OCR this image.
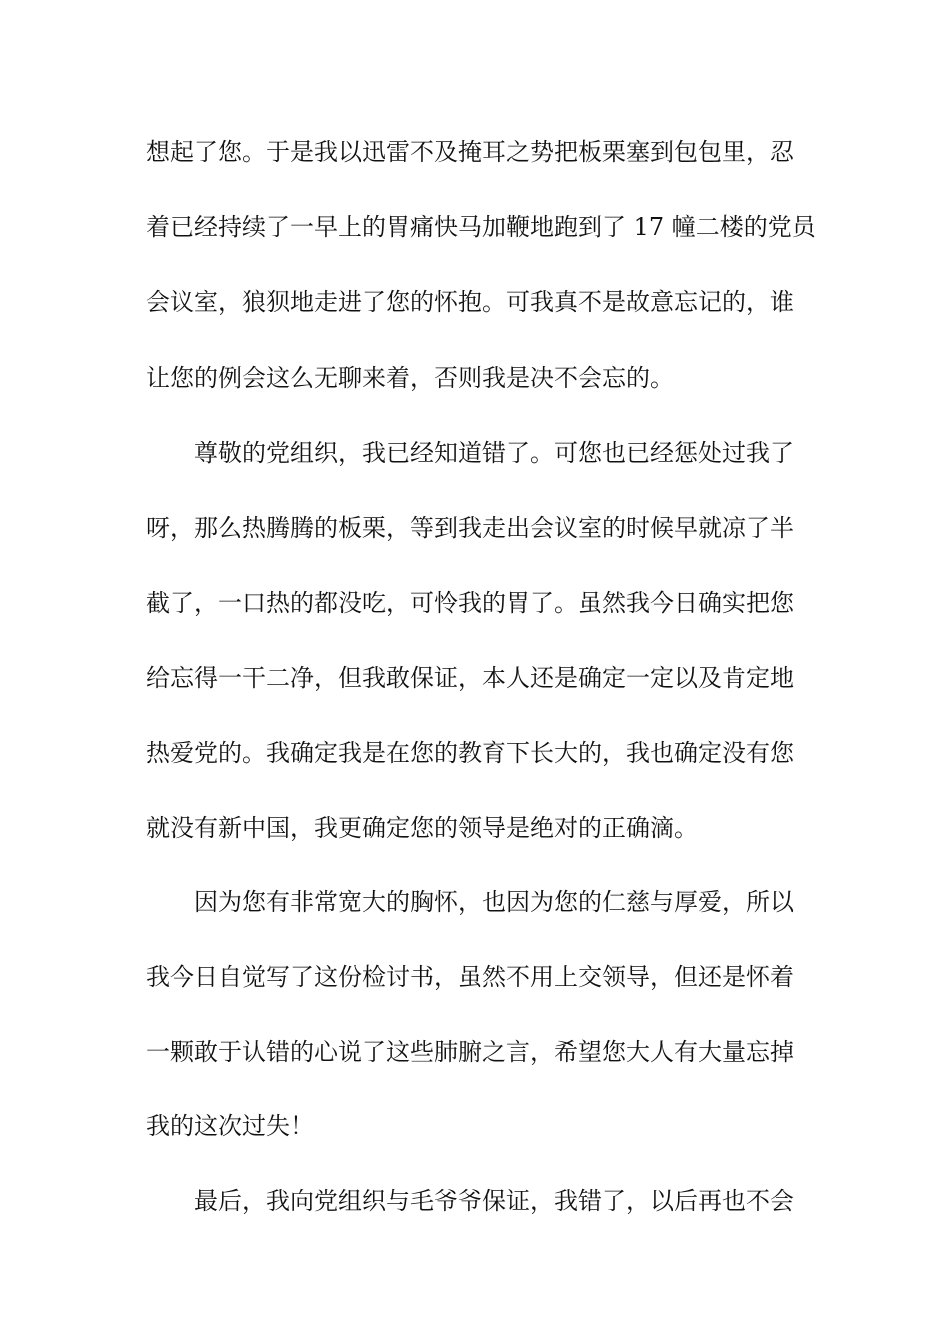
想起了您。于是我以迅雷不及掩耳之势把板栗塞到包包里，忍
着已经持续了一早上的胃痛快马加鞭地跑到了 17 幢二楼的党员
会议室，狼狈地走进了您的怀抱。可我真不是故意忘记的，谁
让您的例会这么无聊来着，否则我是决不会忘的。
　　尊敬的党组织，我已经知道错了。可您也已经惩处过我了
呀，那么热腾腾的板栗，等到我走出会议室的时候早就凉了半
截了，一口热的都没吃，可怜我的胃了。虽然我今日确实把您
给忘得一干二净，但我敢保证，本人还是确定一定以及肯定地
热爱党的。我确定我是在您的教育下长大的，我也确定没有您
就没有新中国，我更确定您的领导是绝对的正确滴。
　　因为您有非常宽大的胸怀，也因为您的仁慈与厚爱，所以
我今日自觉写了这份检讨书，虽然不用上交领导，但还是怀着
一颗敢于认错的心说了这些肺腑之言，希望您大人有大量忘掉
我的这次过失！
　　最后，我向党组织与毛爷爷保证，我错了，以后再也不会
